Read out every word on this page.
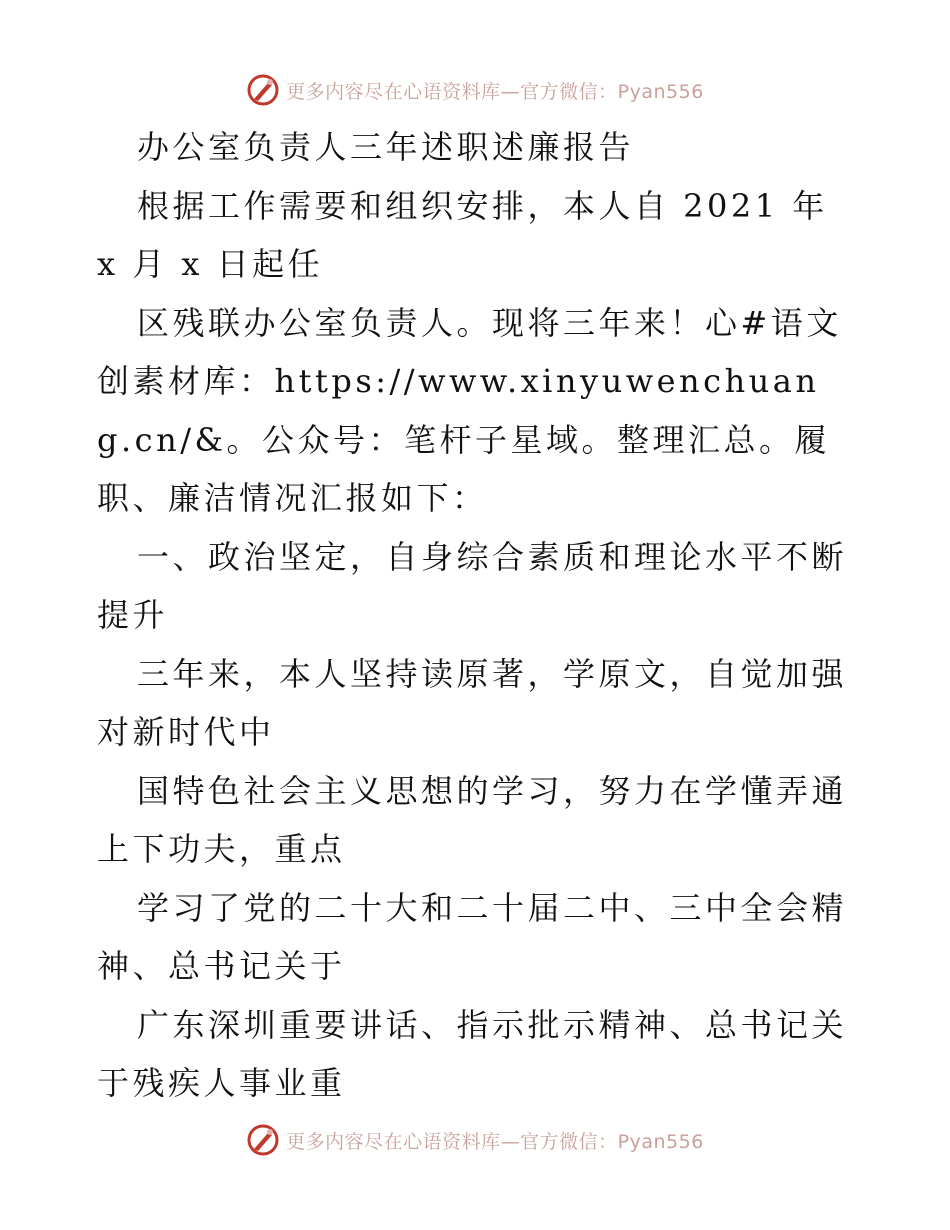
更多内容尽在心语资料库—官方微信：Pyan556

办公室负责人三年述职述廉报告

根据工作需要和组织安排，本人自 2021 年 x 月 x 日起任

区残联办公室负责人。现将三年来！心#语文创素材库：https://www.xinyuwenchuang.cn/&。公众号：笔杆子星域。整理汇总。履职、廉洁情况汇报如下：

一、政治坚定，自身综合素质和理论水平不断提升

三年来，本人坚持读原著，学原文，自觉加强对新时代中

国特色社会主义思想的学习，努力在学懂弄通上下功夫，重点

学习了党的二十大和二十届二中、三中全会精神、总书记关于

广东深圳重要讲话、指示批示精神、总书记关于残疾人事业重

更多内容尽在心语资料库—官方微信：Pyan556
